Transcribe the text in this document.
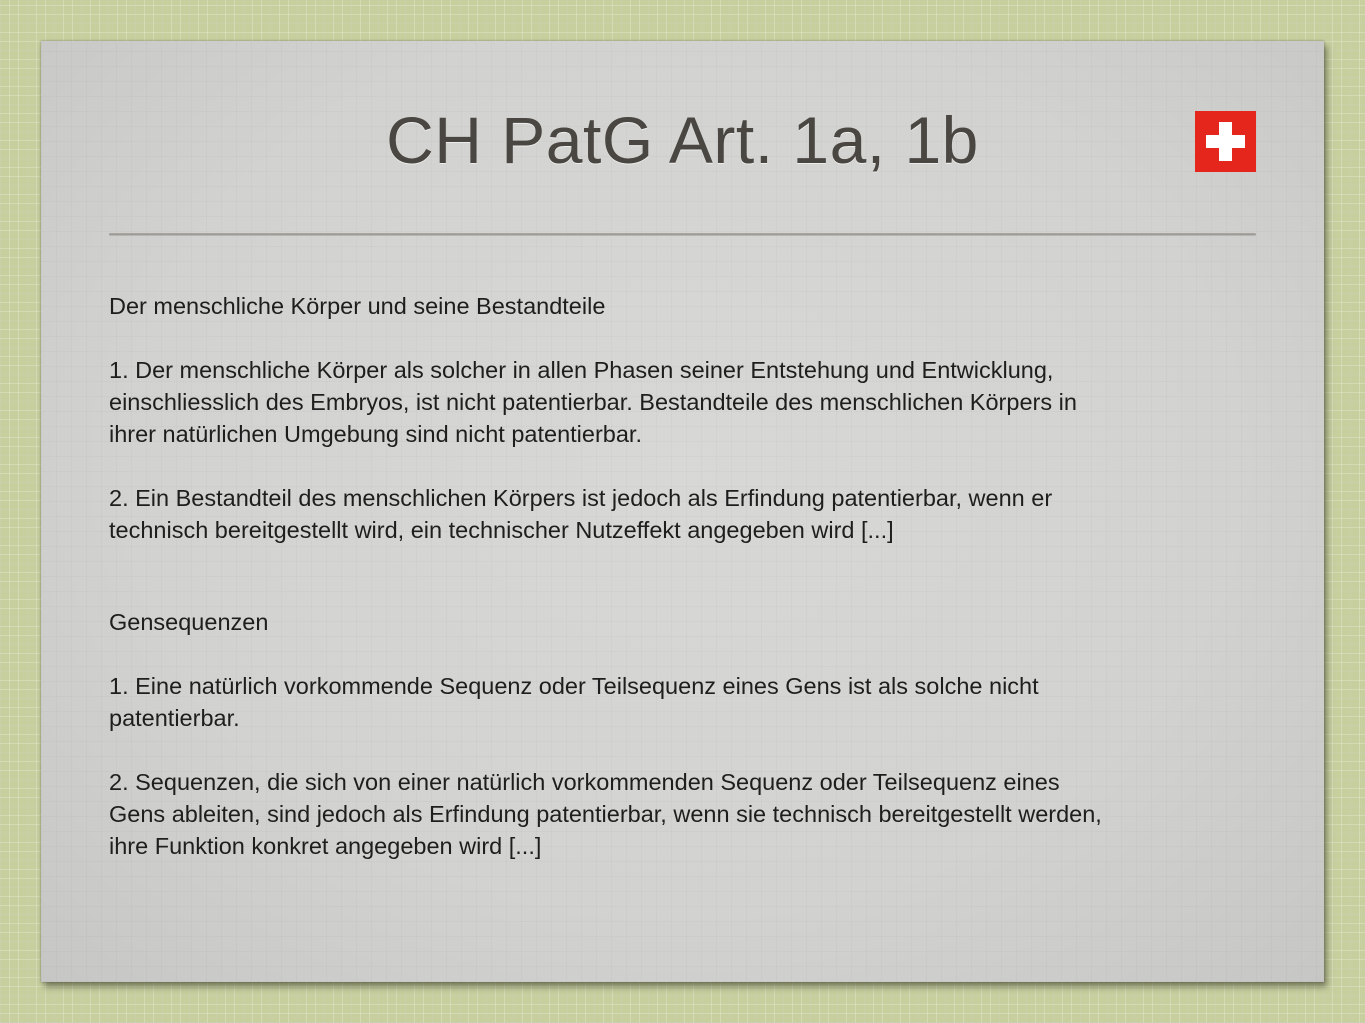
CH PatG Art. 1a, 1b

Der menschliche Körper und seine Bestandteile

1. Der menschliche Körper als solcher in allen Phasen seiner Entstehung und Entwicklung,

einschliesslich des Embryos, ist nicht patentierbar. Bestandteile des menschlichen Körpers in

ihrer natürlichen Umgebung sind nicht patentierbar.

2. Ein Bestandteil des menschlichen Körpers ist jedoch als Erfindung patentierbar, wenn er

technisch bereitgestellt wird, ein technischer Nutzeffekt angegeben wird [...]

Gensequenzen

1. Eine natürlich vorkommende Sequenz oder Teilsequenz eines Gens ist als solche nicht

patentierbar.

2. Sequenzen, die sich von einer natürlich vorkommenden Sequenz oder Teilsequenz eines

Gens ableiten, sind jedoch als Erfindung patentierbar, wenn sie technisch bereitgestellt werden,

ihre Funktion konkret angegeben wird [...]
